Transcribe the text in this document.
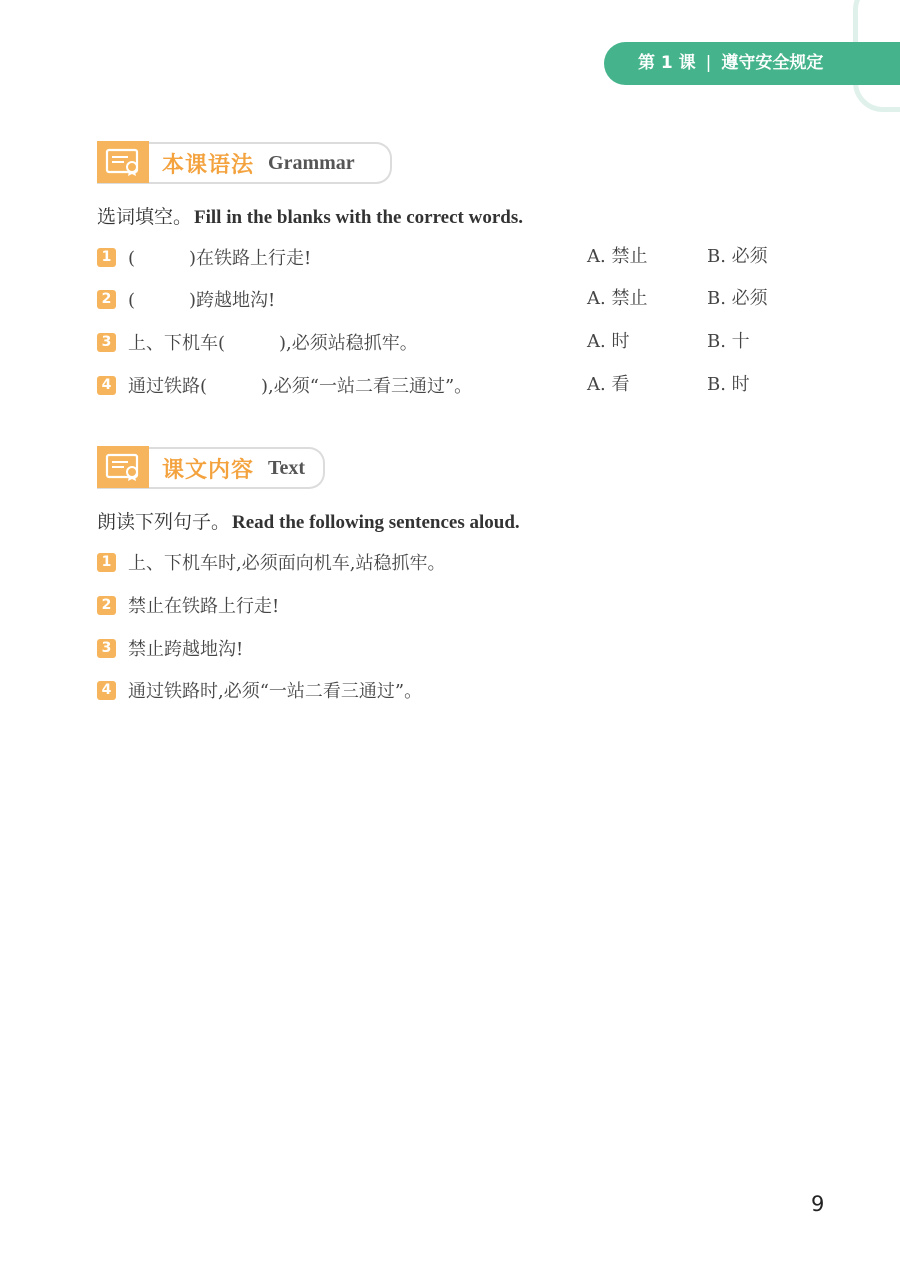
第 1 课 | 遵守安全规定
本课语法 Grammar
选词填空。 Fill in the blanks with the correct words.
1 (　　　)在铁路上行走!	A. 禁止	B. 必须
2 (　　　)跨越地沟!	A. 禁止	B. 必须
3 上、下机车(　　　),必须站稳抓牢。	A. 时	B. 十
4 通过铁路(　　　),必须“一站二看三通过”。	A. 看	B. 时
课文内容 Text
朗读下列句子。 Read the following sentences aloud.
1 上、下机车时,必须面向机车,站稳抓牢。
2 禁止在铁路上行走!
3 禁止跨越地沟!
4 通过铁路时,必须“一站二看三通过”。
9
